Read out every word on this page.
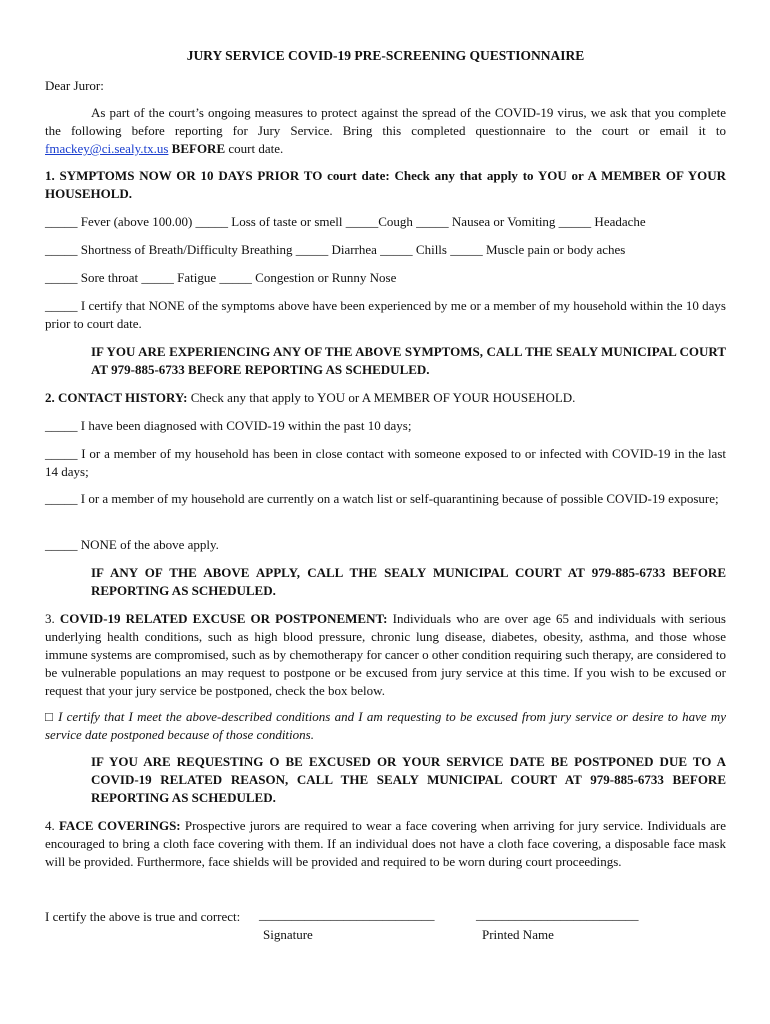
JURY SERVICE COVID-19 PRE-SCREENING QUESTIONNAIRE
Dear Juror:
As part of the court’s ongoing measures to protect against the spread of the COVID-19 virus, we ask that you complete the following before reporting for Jury Service. Bring this completed questionnaire to the court or email it to fmackey@ci.sealy.tx.us BEFORE court date.
1. SYMPTOMS NOW OR 10 DAYS PRIOR TO court date: Check any that apply to YOU or A MEMBER OF YOUR HOUSEHOLD.
_____ Fever (above 100.00) _____ Loss of taste or smell _____Cough _____ Nausea or Vomiting _____ Headache
_____ Shortness of Breath/Difficulty Breathing _____ Diarrhea _____ Chills _____ Muscle pain or body aches
_____ Sore throat _____ Fatigue _____ Congestion or Runny Nose
_____ I certify that NONE of the symptoms above have been experienced by me or a member of my household within the 10 days prior to court date.
IF YOU ARE EXPERIENCING ANY OF THE ABOVE SYMPTOMS, CALL THE SEALY MUNICIPAL COURT AT 979-885-6733 BEFORE REPORTING AS SCHEDULED.
2. CONTACT HISTORY: Check any that apply to YOU or A MEMBER OF YOUR HOUSEHOLD.
_____ I have been diagnosed with COVID-19 within the past 10 days;
_____ I or a member of my household has been in close contact with someone exposed to or infected with COVID-19 in the last 14 days;
_____ I or a member of my household are currently on a watch list or self-quarantining because of possible COVID-19 exposure;
_____ NONE of the above apply.
IF ANY OF THE ABOVE APPLY, CALL THE SEALY MUNICIPAL COURT AT 979-885-6733 BEFORE REPORTING AS SCHEDULED.
3. COVID-19 RELATED EXCUSE OR POSTPONEMENT: Individuals who are over age 65 and individuals with serious underlying health conditions, such as high blood pressure, chronic lung disease, diabetes, obesity, asthma, and those whose immune systems are compromised, such as by chemotherapy for cancer o other condition requiring such therapy, are considered to be vulnerable populations an may request to postpone or be excused from jury service at this time. If you wish to be excused or request that your jury service be postponed, check the box below.
□ I certify that I meet the above-described conditions and I am requesting to be excused from jury service or desire to have my service date postponed because of those conditions.
IF YOU ARE REQUESTING O BE EXCUSED OR YOUR SERVICE DATE BE POSTPONED DUE TO A COVID-19 RELATED REASON, CALL THE SEALY MUNICIPAL COURT AT 979-885-6733 BEFORE REPORTING AS SCHEDULED.
4. FACE COVERINGS: Prospective jurors are required to wear a face covering when arriving for jury service. Individuals are encouraged to bring a cloth face covering with them. If an individual does not have a cloth face covering, a disposable face mask will be provided. Furthermore, face shields will be provided and required to be worn during court proceedings.
I certify the above is true and correct: ___________________________	_________________________
Signature	Printed Name
